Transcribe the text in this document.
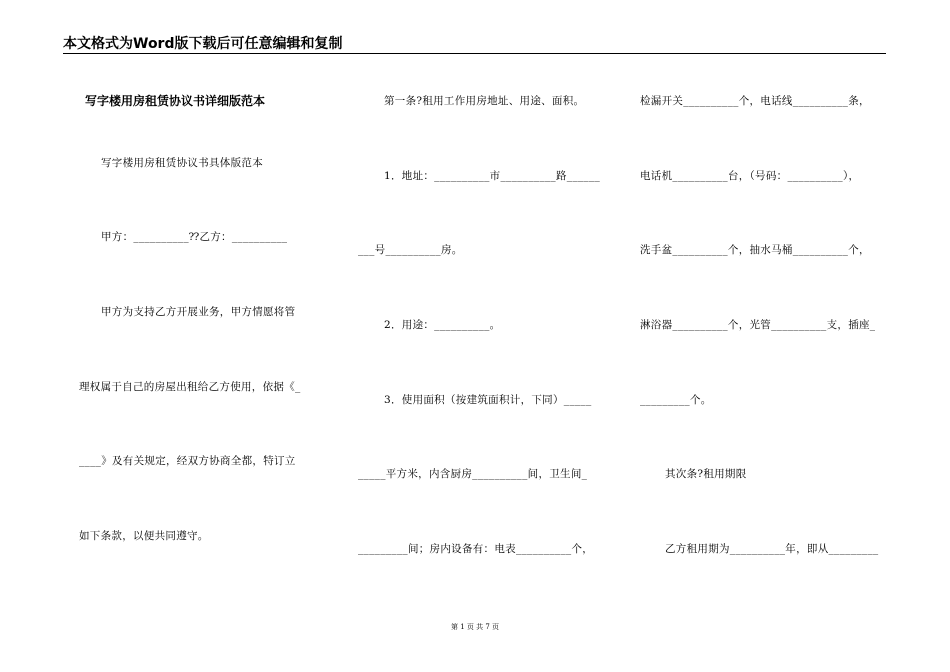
本文格式为Word版下载后可任意编辑和复制
写字楼用房租赁协议书详细版范本
写字楼用房租赁协议书具体版范本
甲方：__________⁇乙方：__________
甲方为支持乙方开展业务，甲方情愿将管
理权属于自己的房屋出租给乙方使用，依据《_
____》及有关规定，经双方协商全都，特订立
如下条款，以便共同遵守。
第一条?租用工作用房地址、用途、面积。
1．地址：__________市__________路______
___号__________房。
2．用途：__________。
3．使用面积（按建筑面积计，下同）_____
_____平方米，内含厨房__________间，卫生间_
_________间；房内设备有：电表__________个，
检漏开关__________个，电话线__________条，
电话机__________台，（号码：__________），
洗手盆__________个，抽水马桶__________个，
淋浴器__________个，光管__________支，插座_
_________个。
其次条?租用期限
乙方租用期为__________年，即从_________
第 1 页 共 7 页
